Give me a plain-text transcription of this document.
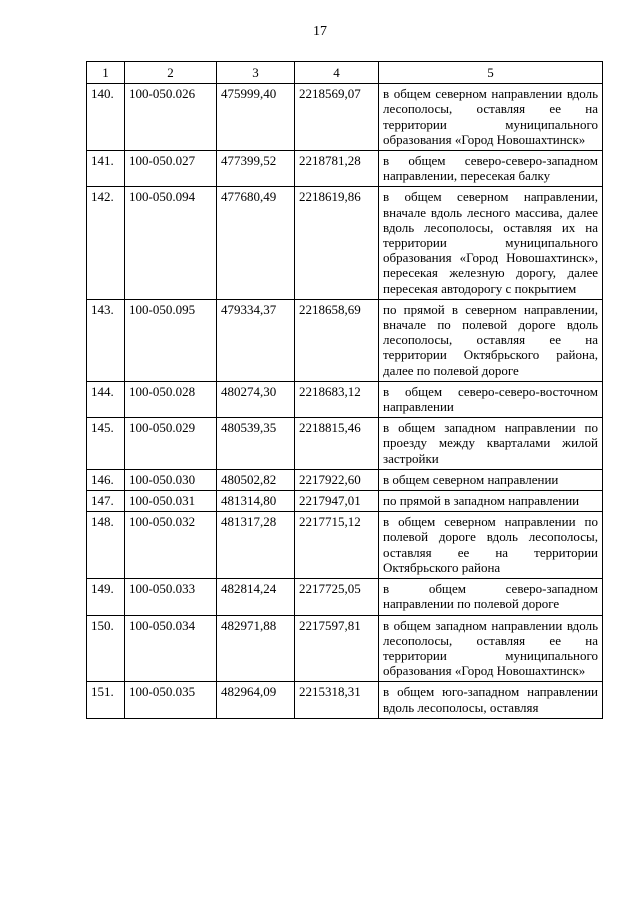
17
1	2	3	4	5
140.	100-050.026	475999,40	2218569,07	в общем северном направлении вдоль лесополосы, оставляя ее на территории муниципального образования «Город Новошахтинск»
141.	100-050.027	477399,52	2218781,28	в общем северо-северо-западном направлении, пересекая балку
142.	100-050.094	477680,49	2218619,86	в общем северном направлении, вначале вдоль лесного массива, далее вдоль лесополосы, оставляя их на территории муниципального образования «Город Новошахтинск», пересекая железную дорогу, далее пересекая автодорогу с покрытием
143.	100-050.095	479334,37	2218658,69	по прямой в северном направлении, вначале по полевой дороге вдоль лесополосы, оставляя ее на территории Октябрьского района, далее по полевой дороге
144.	100-050.028	480274,30	2218683,12	в общем северо-северо-восточном направлении
145.	100-050.029	480539,35	2218815,46	в общем западном направлении по проезду между кварталами жилой застройки
146.	100-050.030	480502,82	2217922,60	в общем северном направлении
147.	100-050.031	481314,80	2217947,01	по прямой в западном направлении
148.	100-050.032	481317,28	2217715,12	в общем северном направлении по полевой дороге вдоль лесополосы, оставляя ее на территории Октябрьского района
149.	100-050.033	482814,24	2217725,05	в общем северо-западном направлении по полевой дороге
150.	100-050.034	482971,88	2217597,81	в общем западном направлении вдоль лесополосы, оставляя ее на территории муниципального образования «Город Новошахтинск»
151.	100-050.035	482964,09	2215318,31	в общем юго-западном направлении вдоль лесополосы, оставляя
